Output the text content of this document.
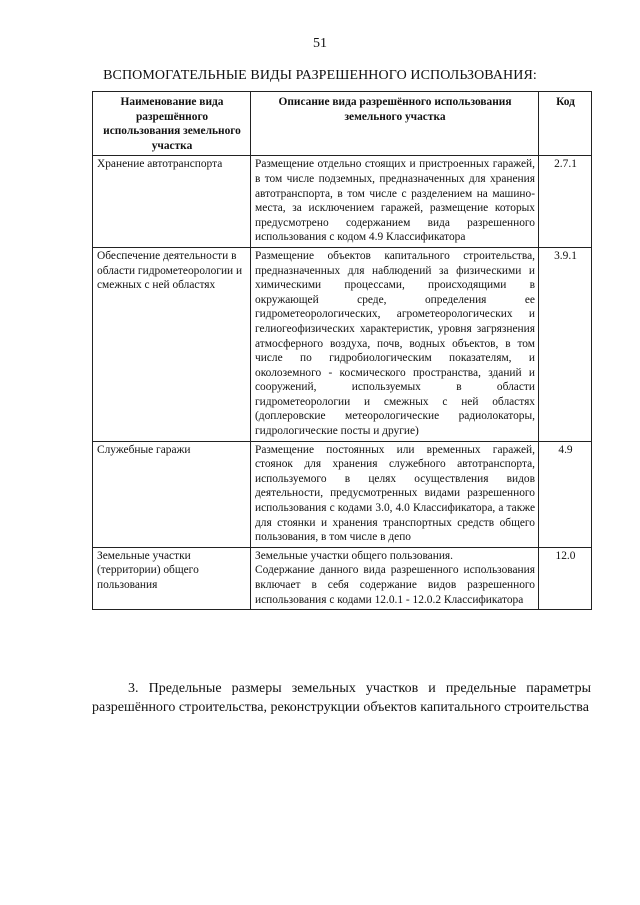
51
ВСПОМОГАТЕЛЬНЫЕ ВИДЫ РАЗРЕШЕННОГО ИСПОЛЬЗОВАНИЯ:
Наименование вида разрешённого использования земельного участка	Описание вида разрешённого использования земельного участка	Код
Хранение автотранспорта	Размещение отдельно стоящих и пристроенных гаражей, в том числе подземных, предназначенных для хранения автотранспорта, в том числе с разделением на машино-места, за исключением гаражей, размещение которых предусмотрено содержанием вида разрешенного использования с кодом 4.9 Классификатора	2.7.1
Обеспечение деятельности в области гидрометеорологии и смежных с ней областях	Размещение объектов капитального строительства, предназначенных для наблюдений за физическими и химическими процессами, происходящими в окружающей среде, определения ее гидрометеорологических, агрометеорологических и гелиогеофизических характеристик, уровня загрязнения атмосферного воздуха, почв, водных объектов, в том числе по гидробиологическим показателям, и околоземного - космического пространства, зданий и сооружений, используемых в области гидрометеорологии и смежных с ней областях (доплеровские метеорологические радиолокаторы, гидрологические посты и другие)	3.9.1
Служебные гаражи	Размещение постоянных или временных гаражей, стоянок для хранения служебного автотранспорта, используемого в целях осуществления видов деятельности, предусмотренных видами разрешенного использования с кодами 3.0, 4.0 Классификатора, а также для стоянки и хранения транспортных средств общего пользования, в том числе в депо	4.9
Земельные участки (территории) общего пользования	Земельные участки общего пользования.
Содержание данного вида разрешенного использования включает в себя содержание видов разрешенного использования с кодами 12.0.1 - 12.0.2 Классификатора	12.0
3. Предельные размеры земельных участков и предельные параметры разрешённого строительства, реконструкции объектов капитального строительства
